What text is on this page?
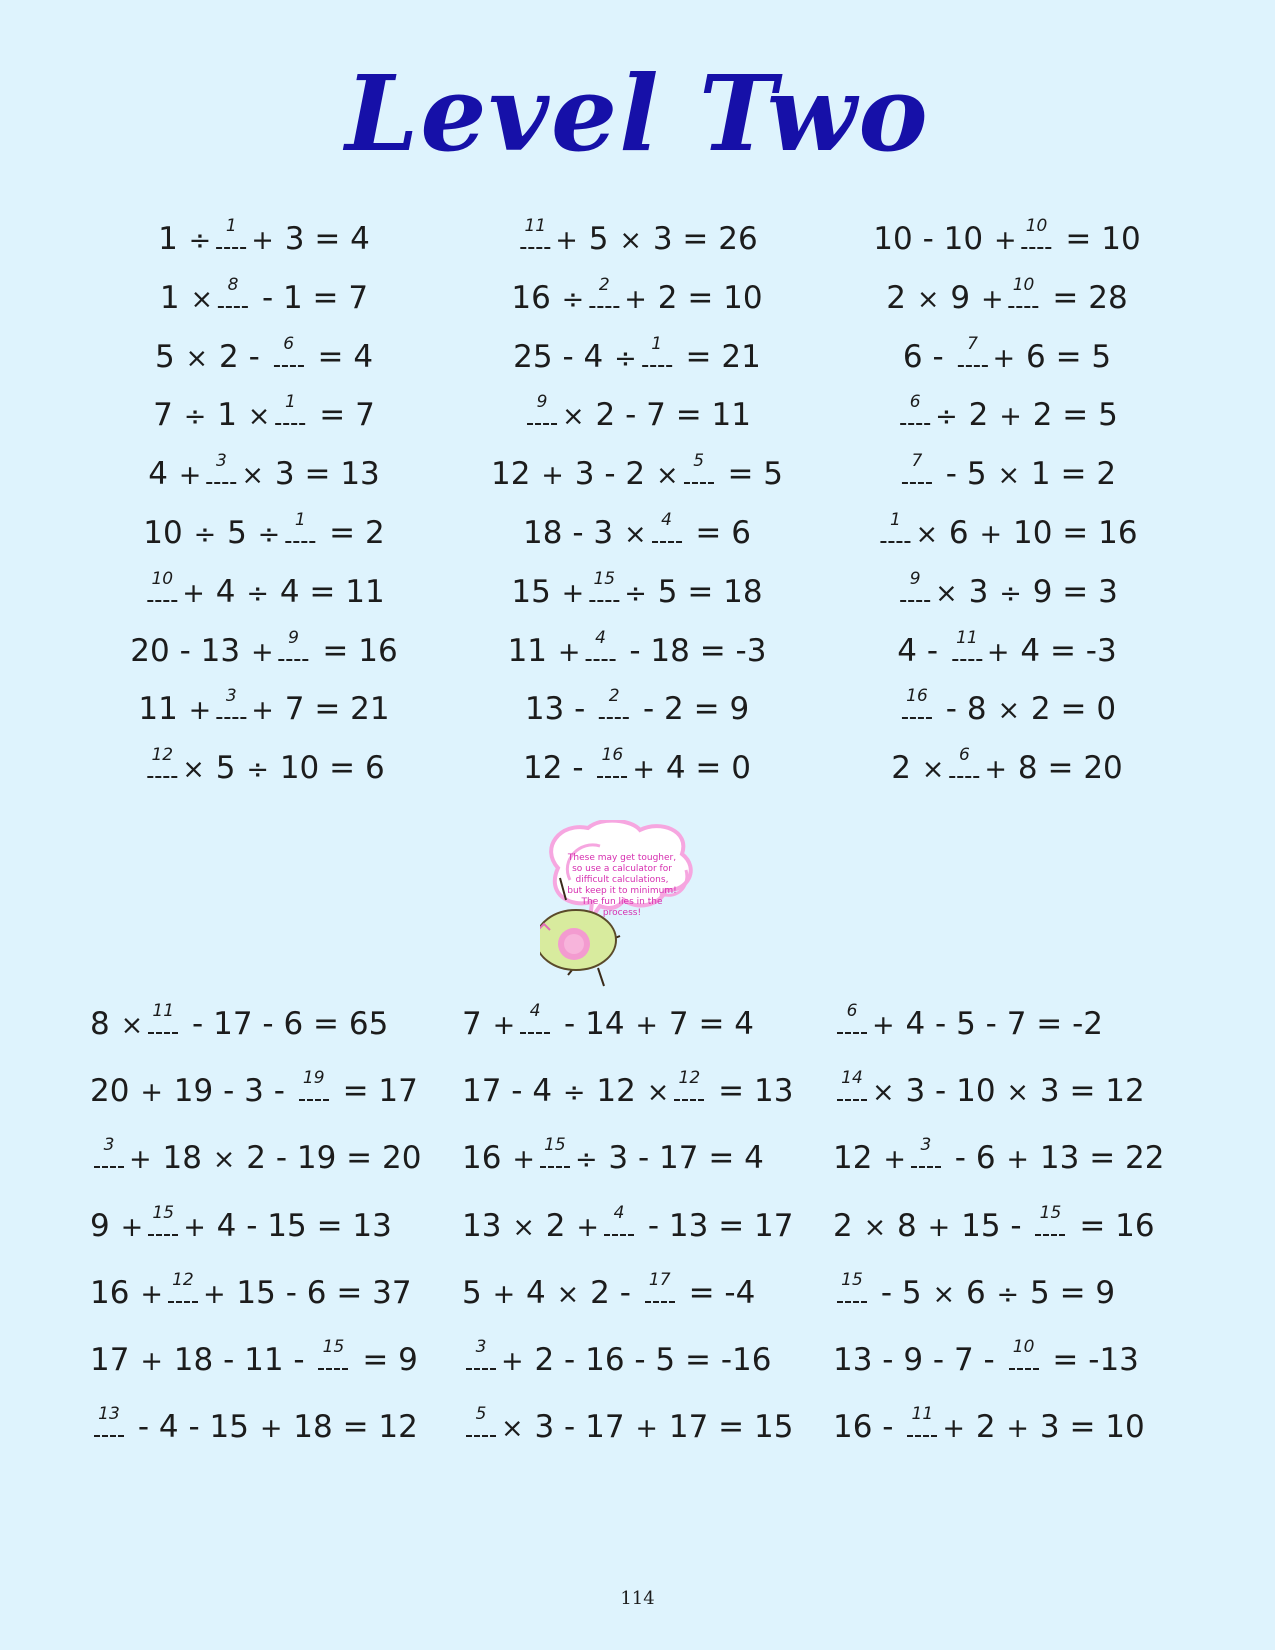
Level Two
1 ÷ 1 + 3 = 4
1 × 8 - 1 = 7
5 × 2 - 6 = 4
7 ÷ 1 × 1 = 7
4 + 3 × 3 = 13
10 ÷ 5 ÷ 1 = 2
10 + 4 ÷ 4 = 11
20 - 13 + 9 = 16
11 + 3 + 7 = 21
12 × 5 ÷ 10 = 6
11 + 5 × 3 = 26
16 ÷ 2 + 2 = 10
25 - 4 ÷ 1 = 21
9 × 2 - 7 = 11
12 + 3 - 2 × 5 = 5
18 - 3 × 4 = 6
15 + 15 ÷ 5 = 18
11 + 4 - 18 = -3
13 - 2 - 2 = 9
12 - 16 + 4 = 0
10 - 10 + 10 = 10
2 × 9 + 10 = 28
6 - 7 + 6 = 5
6 ÷ 2 + 2 = 5
7 - 5 × 1 = 2
1 × 6 + 10 = 16
9 × 3 ÷ 9 = 3
4 - 11 + 4 = -3
16 - 8 × 2 = 0
2 × 6 + 8 = 20
8 × 11 - 17 - 6 = 65
20 + 19 - 3 - 19 = 17
3 + 18 × 2 - 19 = 20
9 + 15 + 4 - 15 = 13
16 + 12 + 15 - 6 = 37
17 + 18 - 11 - 15 = 9
13 - 4 - 15 + 18 = 12
7 + 4 - 14 + 7 = 4
17 - 4 ÷ 12 × 12 = 13
16 + 15 ÷ 3 - 17 = 4
13 × 2 + 4 - 13 = 17
5 + 4 × 2 - 17 = -4
3 + 2 - 16 - 5 = -16
5 × 3 - 17 + 17 = 15
6 + 4 - 5 - 7 = -2
14 × 3 - 10 × 3 = 12
12 + 3 - 6 + 13 = 22
2 × 8 + 15 - 15 = 16
15 - 5 × 6 ÷ 5 = 9
13 - 9 - 7 - 10 = -13
16 - 11 + 2 + 3 = 10
These may get tougher, so use a calculator for difficult calculations, but keep it to minimum! The fun lies in the process!
114
